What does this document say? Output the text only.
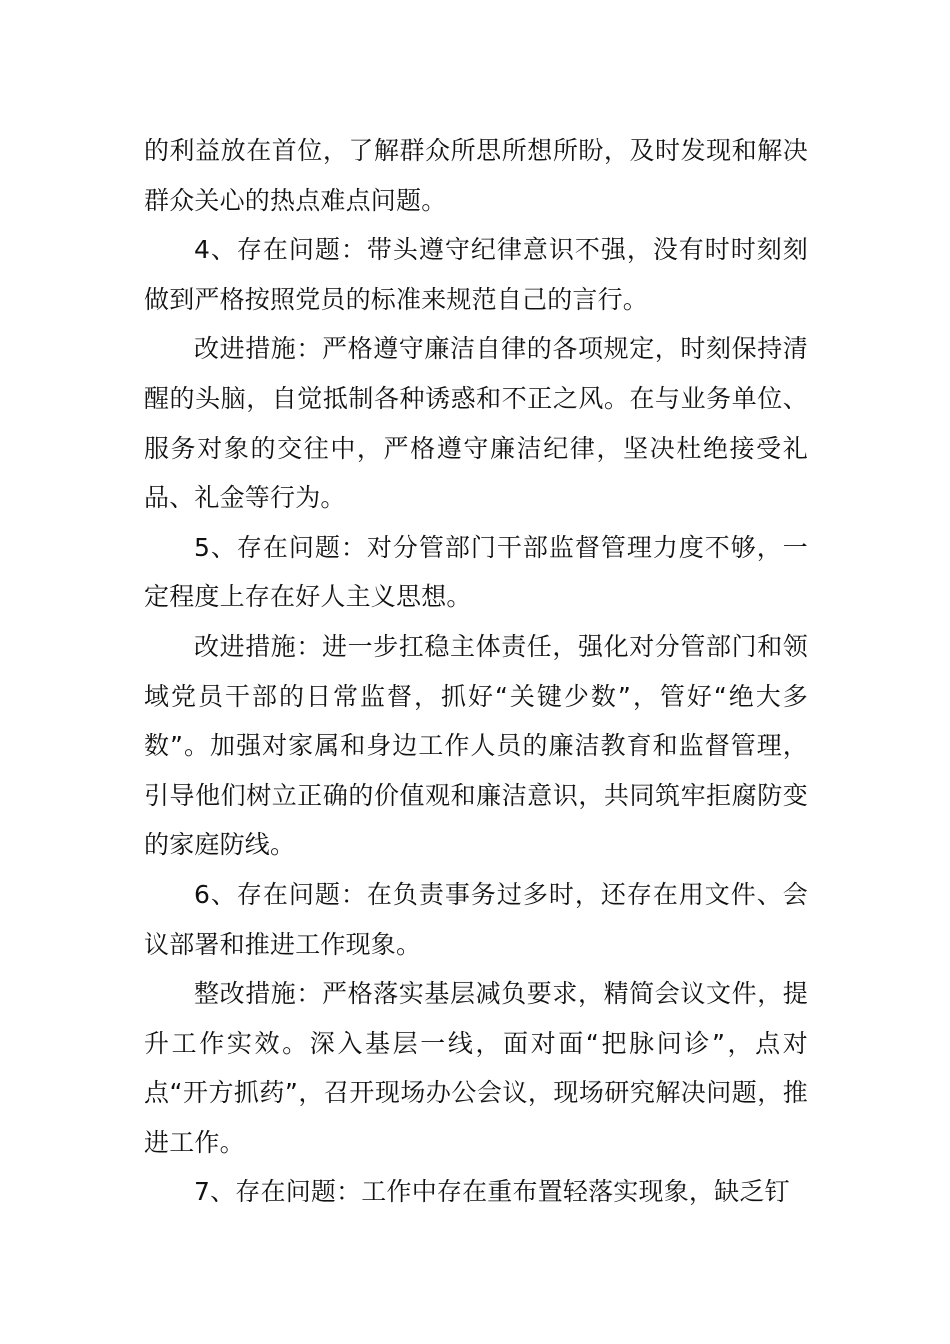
的利益放在首位，了解群众所思所想所盼，及时发现和解决群众关心的热点难点问题。

4、存在问题：带头遵守纪律意识不强，没有时时刻刻做到严格按照党员的标准来规范自己的言行。

改进措施：严格遵守廉洁自律的各项规定，时刻保持清醒的头脑，自觉抵制各种诱惑和不正之风。在与业务单位、服务对象的交往中，严格遵守廉洁纪律，坚决杜绝接受礼品、礼金等行为。

5、存在问题：对分管部门干部监督管理力度不够，一定程度上存在好人主义思想。

改进措施：进一步扛稳主体责任，强化对分管部门和领域党员干部的日常监督，抓好“关键少数”，管好“绝大多数”。加强对家属和身边工作人员的廉洁教育和监督管理，引导他们树立正确的价值观和廉洁意识，共同筑牢拒腐防变的家庭防线。

6、存在问题：在负责事务过多时，还存在用文件、会议部署和推进工作现象。

整改措施：严格落实基层减负要求，精简会议文件，提升工作实效。深入基层一线，面对面“把脉问诊”，点对点“开方抓药”，召开现场办公会议，现场研究解决问题，推进工作。

7、存在问题：工作中存在重布置轻落实现象，缺乏钉
